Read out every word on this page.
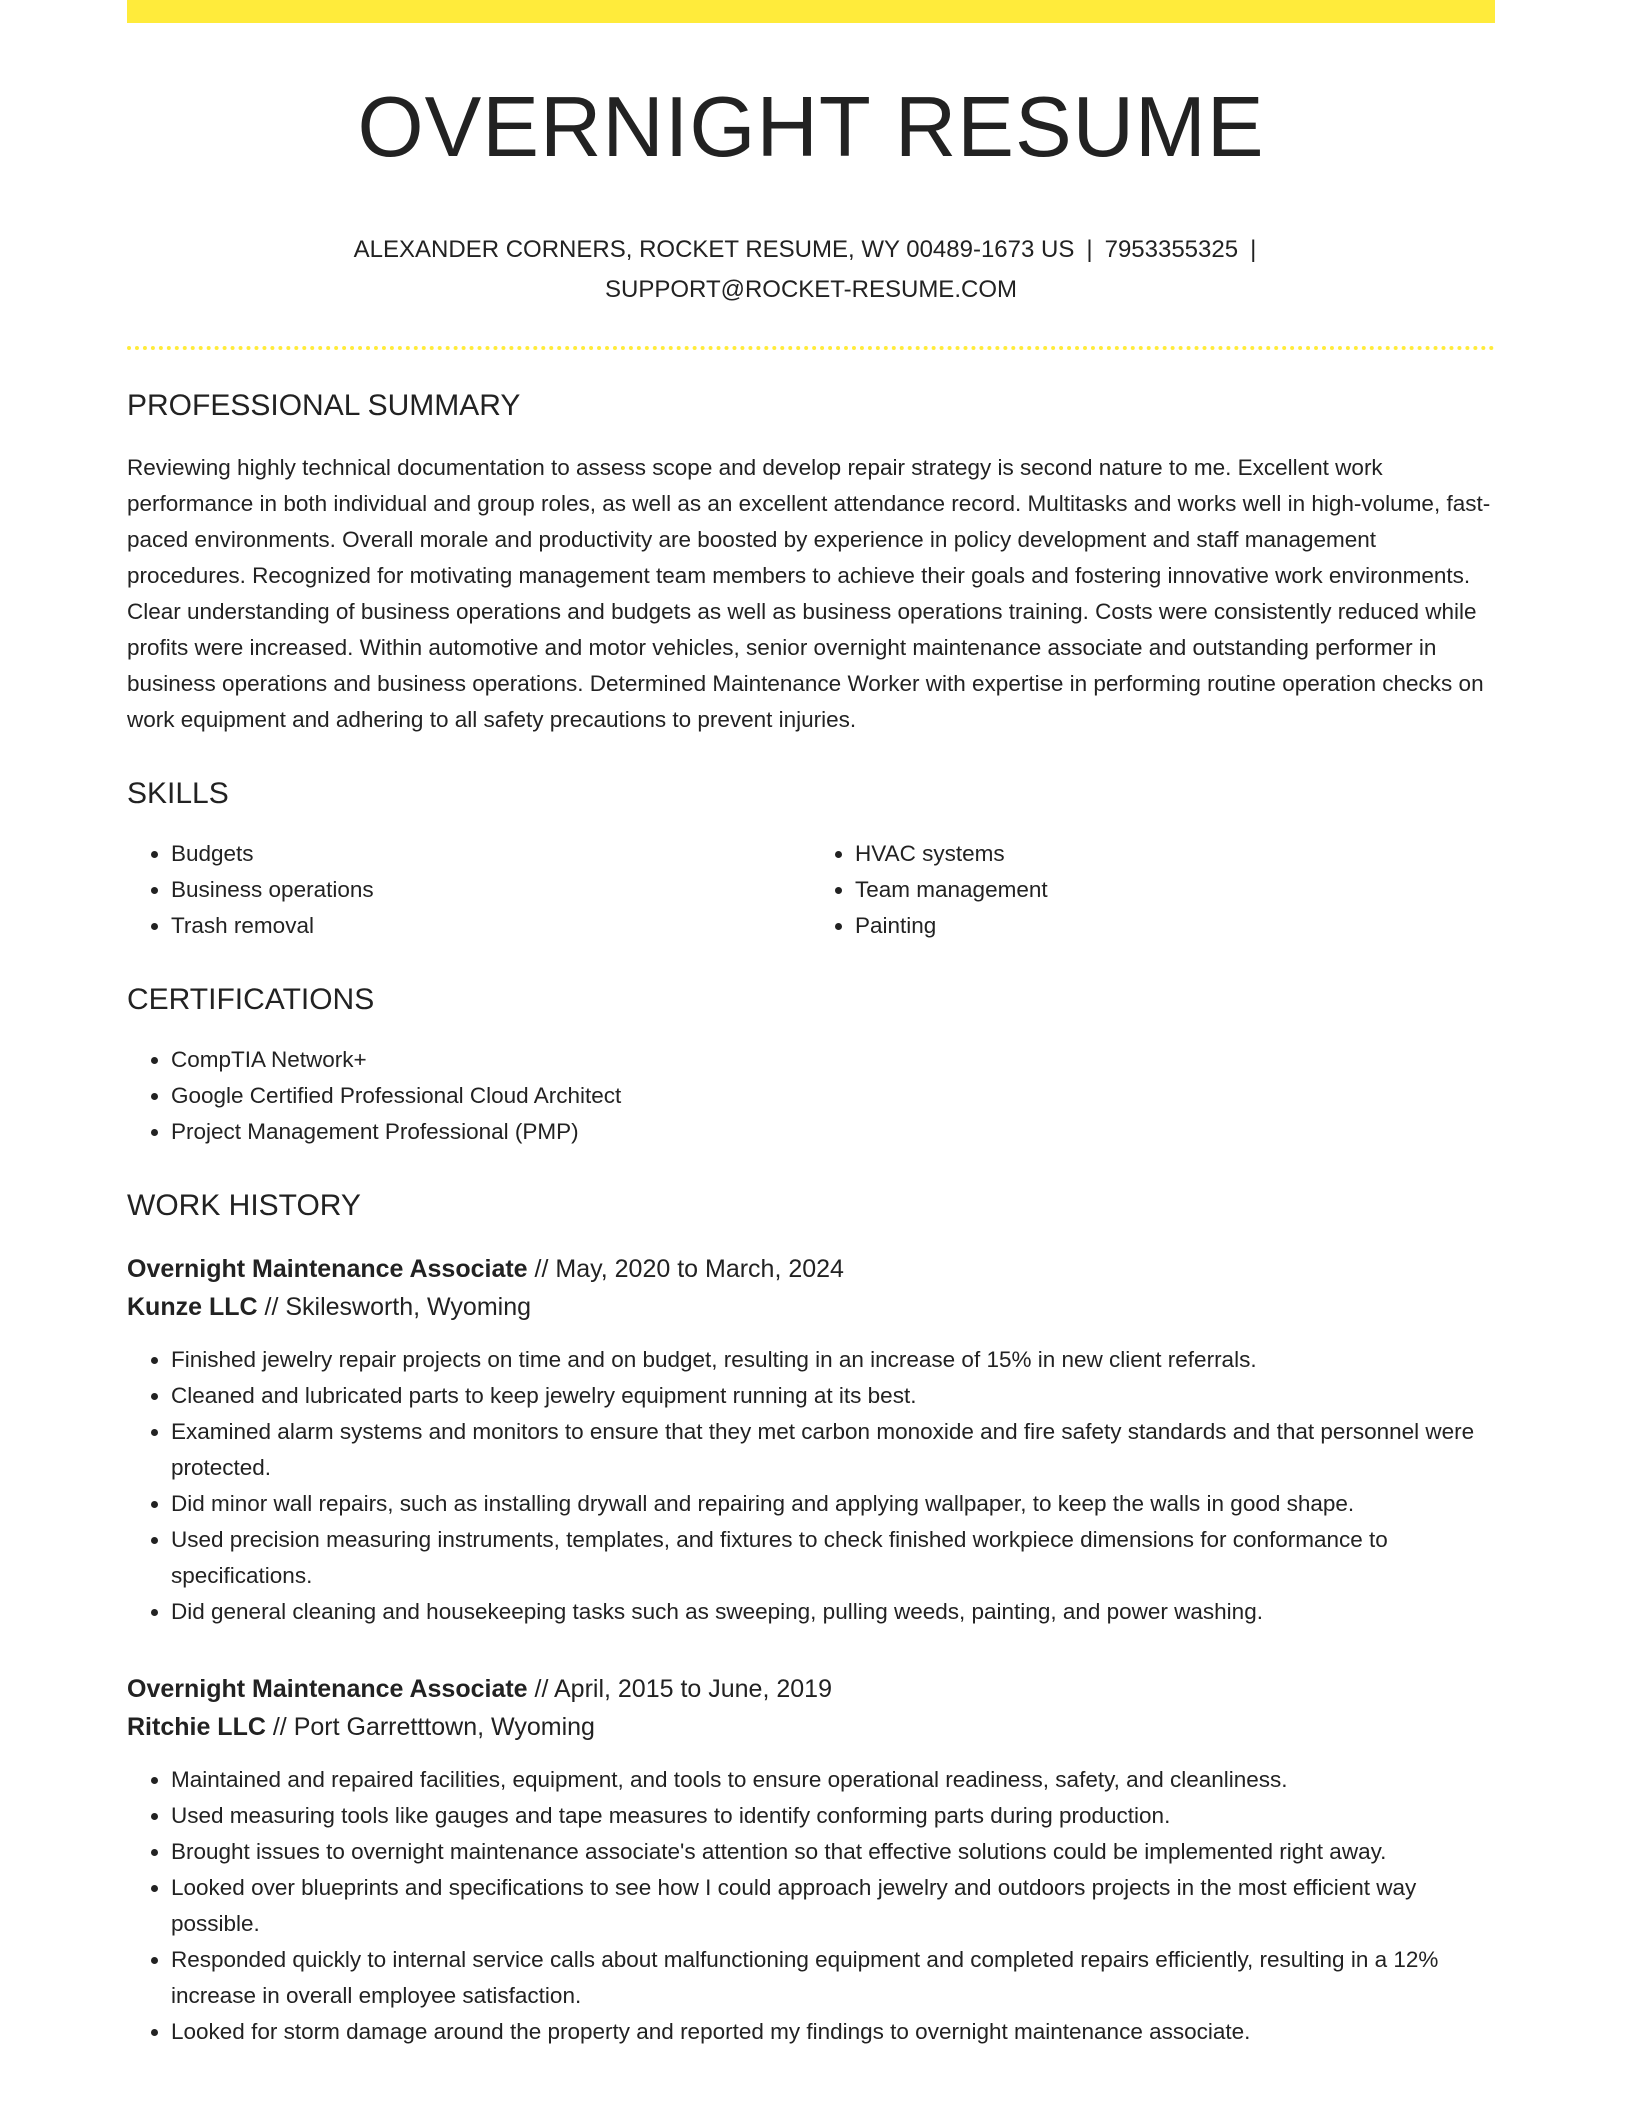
OVERNIGHT RESUME
ALEXANDER CORNERS, ROCKET RESUME, WY 00489-1673 US | 7953355325 |
SUPPORT@ROCKET-RESUME.COM
PROFESSIONAL SUMMARY

Reviewing highly technical documentation to assess scope and develop repair strategy is second nature to me. Excellent work performance in both individual and group roles, as well as an excellent attendance record. Multitasks and works well in high-volume, fast-paced environments. Overall morale and productivity are boosted by experience in policy development and staff management procedures. Recognized for motivating management team members to achieve their goals and fostering innovative work environments. Clear understanding of business operations and budgets as well as business operations training. Costs were consistently reduced while profits were increased. Within automotive and motor vehicles, senior overnight maintenance associate and outstanding performer in business operations and business operations. Determined Maintenance Worker with expertise in performing routine operation checks on work equipment and adhering to all safety precautions to prevent injuries.

SKILLS
• Budgets
• Business operations
• Trash removal
• HVAC systems
• Team management
• Painting
CERTIFICATIONS
• CompTIA Network+
• Google Certified Professional Cloud Architect
• Project Management Professional (PMP)
WORK HISTORY
Overnight Maintenance Associate // May, 2020 to March, 2024
Kunze LLC // Skilesworth, Wyoming
• Finished jewelry repair projects on time and on budget, resulting in an increase of 15% in new client referrals.
• Cleaned and lubricated parts to keep jewelry equipment running at its best.
• Examined alarm systems and monitors to ensure that they met carbon monoxide and fire safety standards and that personnel were protected.
• Did minor wall repairs, such as installing drywall and repairing and applying wallpaper, to keep the walls in good shape.
• Used precision measuring instruments, templates, and fixtures to check finished workpiece dimensions for conformance to specifications.
• Did general cleaning and housekeeping tasks such as sweeping, pulling weeds, painting, and power washing.
Overnight Maintenance Associate // April, 2015 to June, 2019
Ritchie LLC // Port Garretttown, Wyoming
• Maintained and repaired facilities, equipment, and tools to ensure operational readiness, safety, and cleanliness.
• Used measuring tools like gauges and tape measures to identify conforming parts during production.
• Brought issues to overnight maintenance associate's attention so that effective solutions could be implemented right away.
• Looked over blueprints and specifications to see how I could approach jewelry and outdoors projects in the most efficient way possible.
• Responded quickly to internal service calls about malfunctioning equipment and completed repairs efficiently, resulting in a 12% increase in overall employee satisfaction.
• Looked for storm damage around the property and reported my findings to overnight maintenance associate.
